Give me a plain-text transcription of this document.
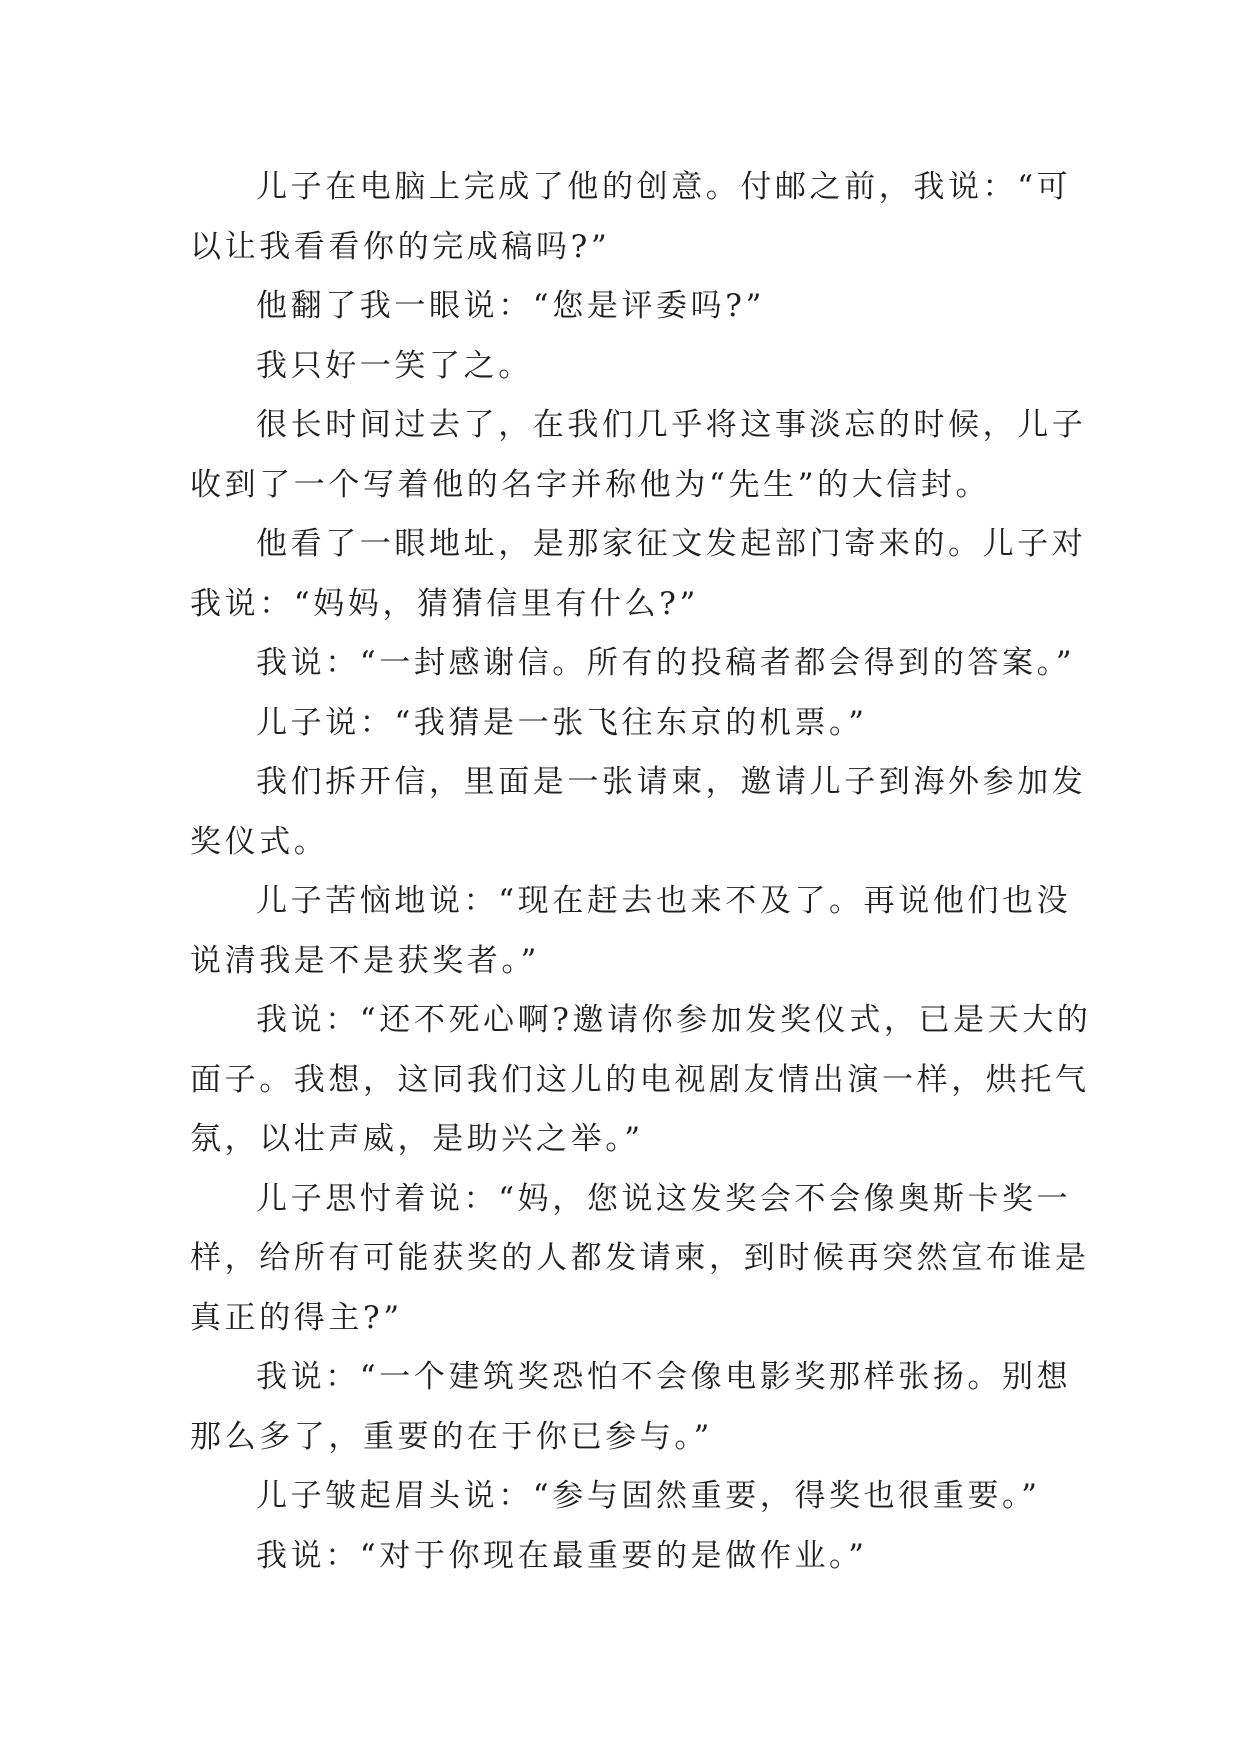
儿子在电脑上完成了他的创意。付邮之前，我说：“可
以让我看看你的完成稿吗?”

他翻了我一眼说：“您是评委吗?”

我只好一笑了之。

很长时间过去了，在我们几乎将这事淡忘的时候，儿子
收到了一个写着他的名字并称他为“先生”的大信封。

他看了一眼地址，是那家征文发起部门寄来的。儿子对
我说：“妈妈，猜猜信里有什么?”

我说：“一封感谢信。所有的投稿者都会得到的答案。”

儿子说：“我猜是一张飞往东京的机票。”

我们拆开信，里面是一张请柬，邀请儿子到海外参加发
奖仪式。

儿子苦恼地说：“现在赶去也来不及了。再说他们也没
说清我是不是获奖者。”

我说：“还不死心啊?邀请你参加发奖仪式，已是天大的
面子。我想，这同我们这儿的电视剧友情出演一样，烘托气
氛，以壮声威，是助兴之举。”

儿子思忖着说：“妈，您说这发奖会不会像奥斯卡奖一
样，给所有可能获奖的人都发请柬，到时候再突然宣布谁是
真正的得主?”

我说：“一个建筑奖恐怕不会像电影奖那样张扬。别想
那么多了，重要的在于你已参与。”

儿子皱起眉头说：“参与固然重要，得奖也很重要。”

我说：“对于你现在最重要的是做作业。”
